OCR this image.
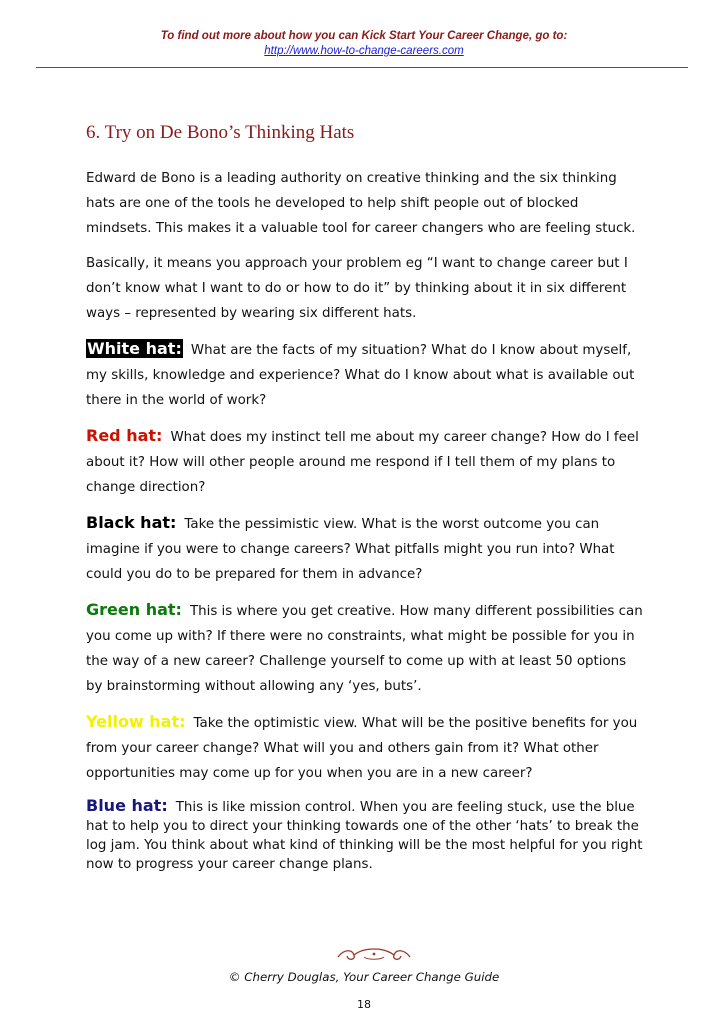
To find out more about how you can Kick Start Your Career Change, go to:
http://www.how-to-change-careers.com
6. Try on De Bono’s Thinking Hats

Edward de Bono is a leading authority on creative thinking and the six thinking hats are one of the tools he developed to help shift people out of blocked mindsets. This makes it a valuable tool for career changers who are feeling stuck.

Basically, it means you approach your problem eg “I want to change career but I don’t know what I want to do or how to do it” by thinking about it in six different ways – represented by wearing six different hats.

White hat: What are the facts of my situation? What do I know about myself, my skills, knowledge and experience? What do I know about what is available out there in the world of work?

Red hat: What does my instinct tell me about my career change? How do I feel about it? How will other people around me respond if I tell them of my plans to change direction?

Black hat: Take the pessimistic view. What is the worst outcome you can imagine if you were to change careers? What pitfalls might you run into? What could you do to be prepared for them in advance?

Green hat: This is where you get creative. How many different possibilities can you come up with? If there were no constraints, what might be possible for you in the way of a new career? Challenge yourself to come up with at least 50 options by brainstorming without allowing any ‘yes, buts’.

Yellow hat: Take the optimistic view. What will be the positive benefits for you from your career change? What will you and others gain from it? What other opportunities may come up for you when you are in a new career?

Blue hat: This is like mission control. When you are feeling stuck, use the blue hat to help you to direct your thinking towards one of the other ‘hats’ to break the log jam. You think about what kind of thinking will be the most helpful for you right now to progress your career change plans.

© Cherry Douglas, Your Career Change Guide
18
